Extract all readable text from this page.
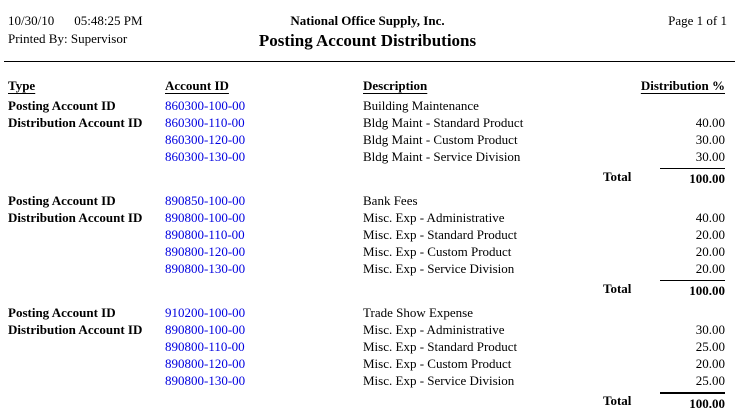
10/30/10 05:48:25 PM
Printed By: Supervisor
National Office Supply, Inc.
Posting Account Distributions
Page 1 of 1
Type	Account ID	Description	Distribution %
Posting Account ID	860300-100-00	Building Maintenance
Distribution Account ID	860300-110-00	Bldg Maint - Standard Product	40.00
860300-120-00	Bldg Maint - Custom Product	30.00
860300-130-00	Bldg Maint - Service Division	30.00
Total	100.00
Posting Account ID	890850-100-00	Bank Fees
Distribution Account ID	890800-100-00	Misc. Exp - Administrative	40.00
890800-110-00	Misc. Exp - Standard Product	20.00
890800-120-00	Misc. Exp - Custom Product	20.00
890800-130-00	Misc. Exp - Service Division	20.00
Total	100.00
Posting Account ID	910200-100-00	Trade Show Expense
Distribution Account ID	890800-100-00	Misc. Exp - Administrative	30.00
890800-110-00	Misc. Exp - Standard Product	25.00
890800-120-00	Misc. Exp - Custom Product	20.00
890800-130-00	Misc. Exp - Service Division	25.00
Total	100.00
